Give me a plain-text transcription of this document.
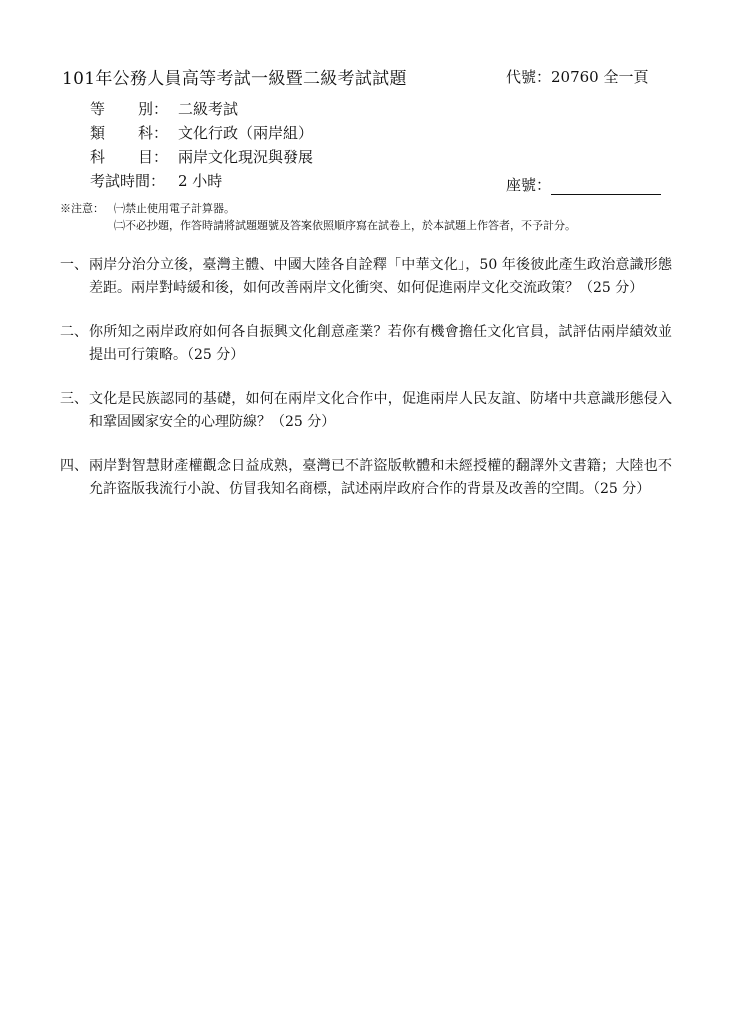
101年公務人員高等考試一級暨二級考試試題	代號：20760 全一頁
等 別： 二級考試
類 科： 文化行政（兩岸組）
科 目： 兩岸文化現況與發展
考試時間： 2 小時	座號：
※注意： ㈠禁止使用電子計算器。
㈡不必抄題，作答時請將試題題號及答案依照順序寫在試卷上，於本試題上作答者，不予計分。
一、 兩岸分治分立後，臺灣主體、中國大陸各自詮釋「中華文化」，50 年後彼此產生政治意識形態差距。兩岸對峙緩和後，如何改善兩岸文化衝突、如何促進兩岸文化交流政策？（25 分）
二、 你所知之兩岸政府如何各自振興文化創意產業？若你有機會擔任文化官員，試評估兩岸績效並提出可行策略。（25 分）
三、 文化是民族認同的基礎，如何在兩岸文化合作中，促進兩岸人民友誼、防堵中共意識形態侵入和鞏固國家安全的心理防線？（25 分）
四、 兩岸對智慧財產權觀念日益成熟，臺灣已不許盜版軟體和未經授權的翻譯外文書籍；大陸也不允許盜版我流行小說、仿冒我知名商標，試述兩岸政府合作的背景及改善的空間。（25 分）
